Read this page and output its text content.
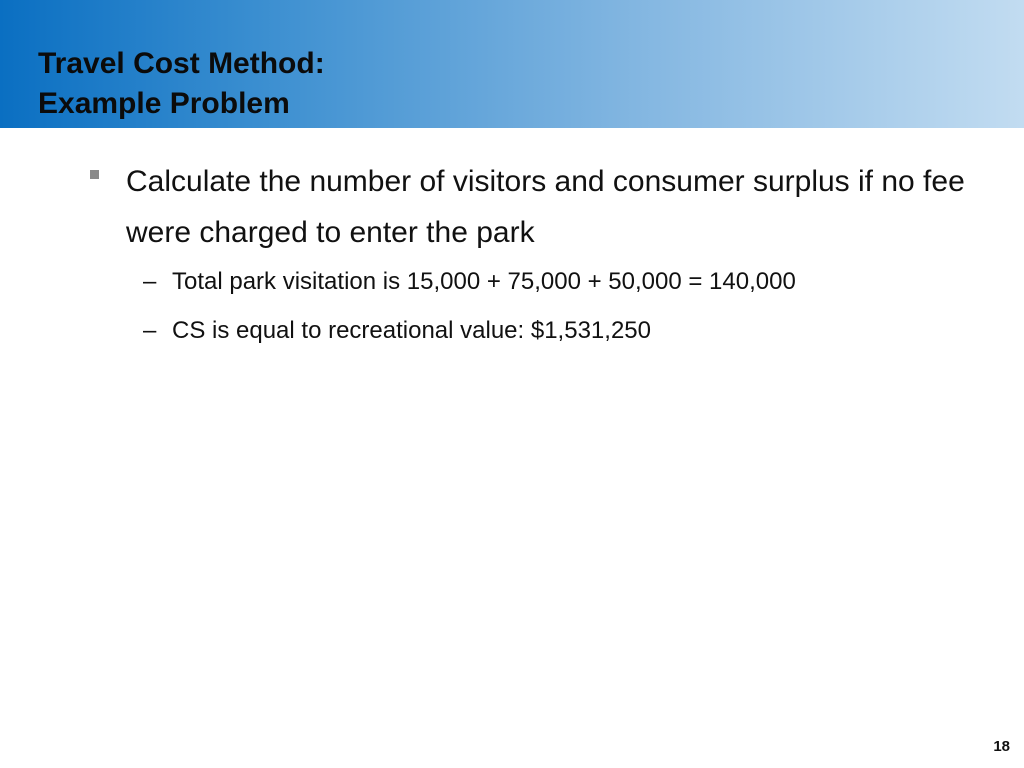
Travel Cost Method:
Example Problem
Calculate the number of visitors and consumer surplus if no fee were charged to enter the park
– Total park visitation is 15,000 + 75,000 + 50,000 = 140,000
– CS is equal to recreational value: $1,531,250
18
